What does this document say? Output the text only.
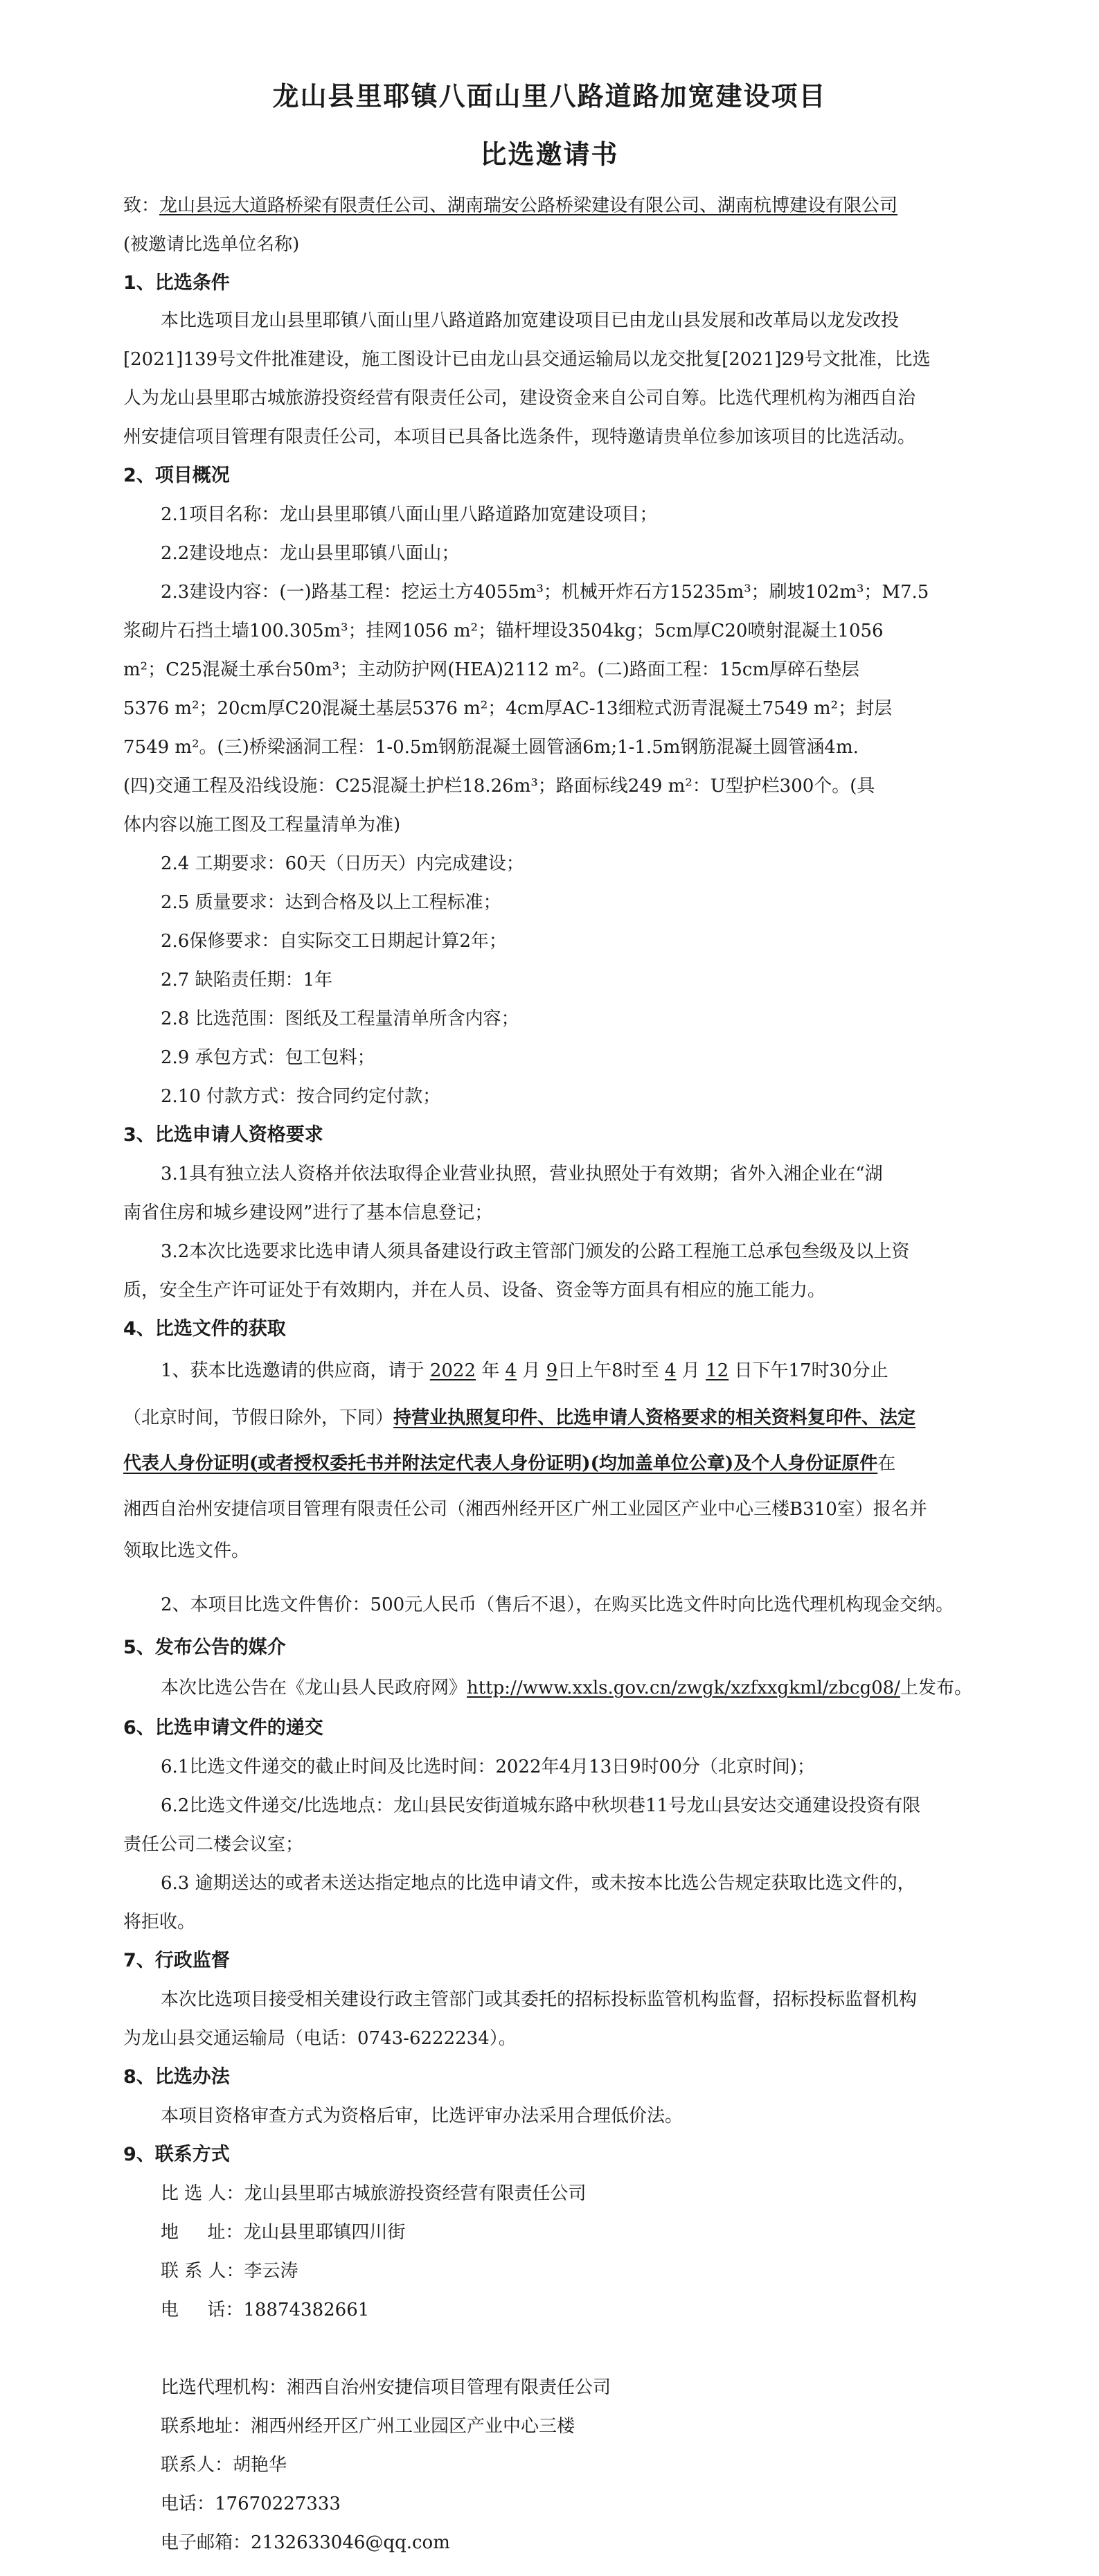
龙山县里耶镇八面山里八路道路加宽建设项目
比选邀请书
致：龙山县远大道路桥梁有限责任公司、湖南瑞安公路桥梁建设有限公司、湖南杭博建设有限公司
(被邀请比选单位名称)
1、比选条件
本比选项目龙山县里耶镇八面山里八路道路加宽建设项目已由龙山县发展和改革局以龙发改投
[2021]139号文件批准建设，施工图设计已由龙山县交通运输局以龙交批复[2021]29号文批准，比选
人为龙山县里耶古城旅游投资经营有限责任公司，建设资金来自公司自筹。比选代理机构为湘西自治
州安捷信项目管理有限责任公司，本项目已具备比选条件，现特邀请贵单位参加该项目的比选活动。
2、项目概况
2.1项目名称：龙山县里耶镇八面山里八路道路加宽建设项目；
2.2建设地点：龙山县里耶镇八面山；
2.3建设内容：(一)路基工程：挖运土方4055m³；机械开炸石方15235m³；刷坡102m³；M7.5
浆砌片石挡土墙100.305m³；挂网1056 m²；锚杆埋设3504kg；5cm厚C20喷射混凝土1056
m²；C25混凝土承台50m³；主动防护网(HEA)2112 m²。(二)路面工程：15cm厚碎石垫层
5376 m²；20cm厚C20混凝土基层5376 m²；4cm厚AC-13细粒式沥青混凝土7549 m²；封层
7549 m²。(三)桥梁涵洞工程：1-0.5m钢筋混凝土圆管涵6m;1-1.5m钢筋混凝土圆管涵4m.
(四)交通工程及沿线设施：C25混凝土护栏18.26m³；路面标线249 m²：U型护栏300个。(具
体内容以施工图及工程量清单为准)
2.4 工期要求：60天（日历天）内完成建设；
2.5 质量要求：达到合格及以上工程标准；
2.6保修要求：自实际交工日期起计算2年；
2.7 缺陷责任期：1年
2.8 比选范围：图纸及工程量清单所含内容；
2.9 承包方式：包工包料；
2.10 付款方式：按合同约定付款；
3、比选申请人资格要求
3.1具有独立法人资格并依法取得企业营业执照，营业执照处于有效期；省外入湘企业在“湖
南省住房和城乡建设网”进行了基本信息登记；
3.2本次比选要求比选申请人须具备建设行政主管部门颁发的公路工程施工总承包叁级及以上资
质，安全生产许可证处于有效期内，并在人员、设备、资金等方面具有相应的施工能力。
4、比选文件的获取
1、获本比选邀请的供应商，请于 2022 年 4 月 9日上午8时至 4 月 12 日下午17时30分止
（北京时间，节假日除外，下同）持营业执照复印件、比选申请人资格要求的相关资料复印件、法定
代表人身份证明(或者授权委托书并附法定代表人身份证明)(均加盖单位公章)及个人身份证原件在
湘西自治州安捷信项目管理有限责任公司（湘西州经开区广州工业园区产业中心三楼B310室）报名并
领取比选文件。
2、本项目比选文件售价：500元人民币（售后不退），在购买比选文件时向比选代理机构现金交纳。
5、发布公告的媒介
本次比选公告在《龙山县人民政府网》http://www.xxls.gov.cn/zwgk/xzfxxgkml/zbcg08/上发布。
6、比选申请文件的递交
6.1比选文件递交的截止时间及比选时间：2022年4月13日9时00分（北京时间)；
6.2比选文件递交/比选地点：龙山县民安街道城东路中秋坝巷11号龙山县安达交通建设投资有限
责任公司二楼会议室；
6.3 逾期送达的或者未送达指定地点的比选申请文件，或未按本比选公告规定获取比选文件的，
将拒收。
7、行政监督
本次比选项目接受相关建设行政主管部门或其委托的招标投标监管机构监督，招标投标监督机构
为龙山县交通运输局（电话：0743-6222234）。
8、比选办法
本项目资格审查方式为资格后审，比选评审办法采用合理低价法。
9、联系方式
比 选 人：龙山县里耶古城旅游投资经营有限责任公司
地     址：龙山县里耶镇四川街
联 系 人：李云涛
电     话：18874382661
比选代理机构：湘西自治州安捷信项目管理有限责任公司
联系地址：湘西州经开区广州工业园区产业中心三楼
联系人：胡艳华
电话：17670227333
电子邮箱：2132633046@qq.com
